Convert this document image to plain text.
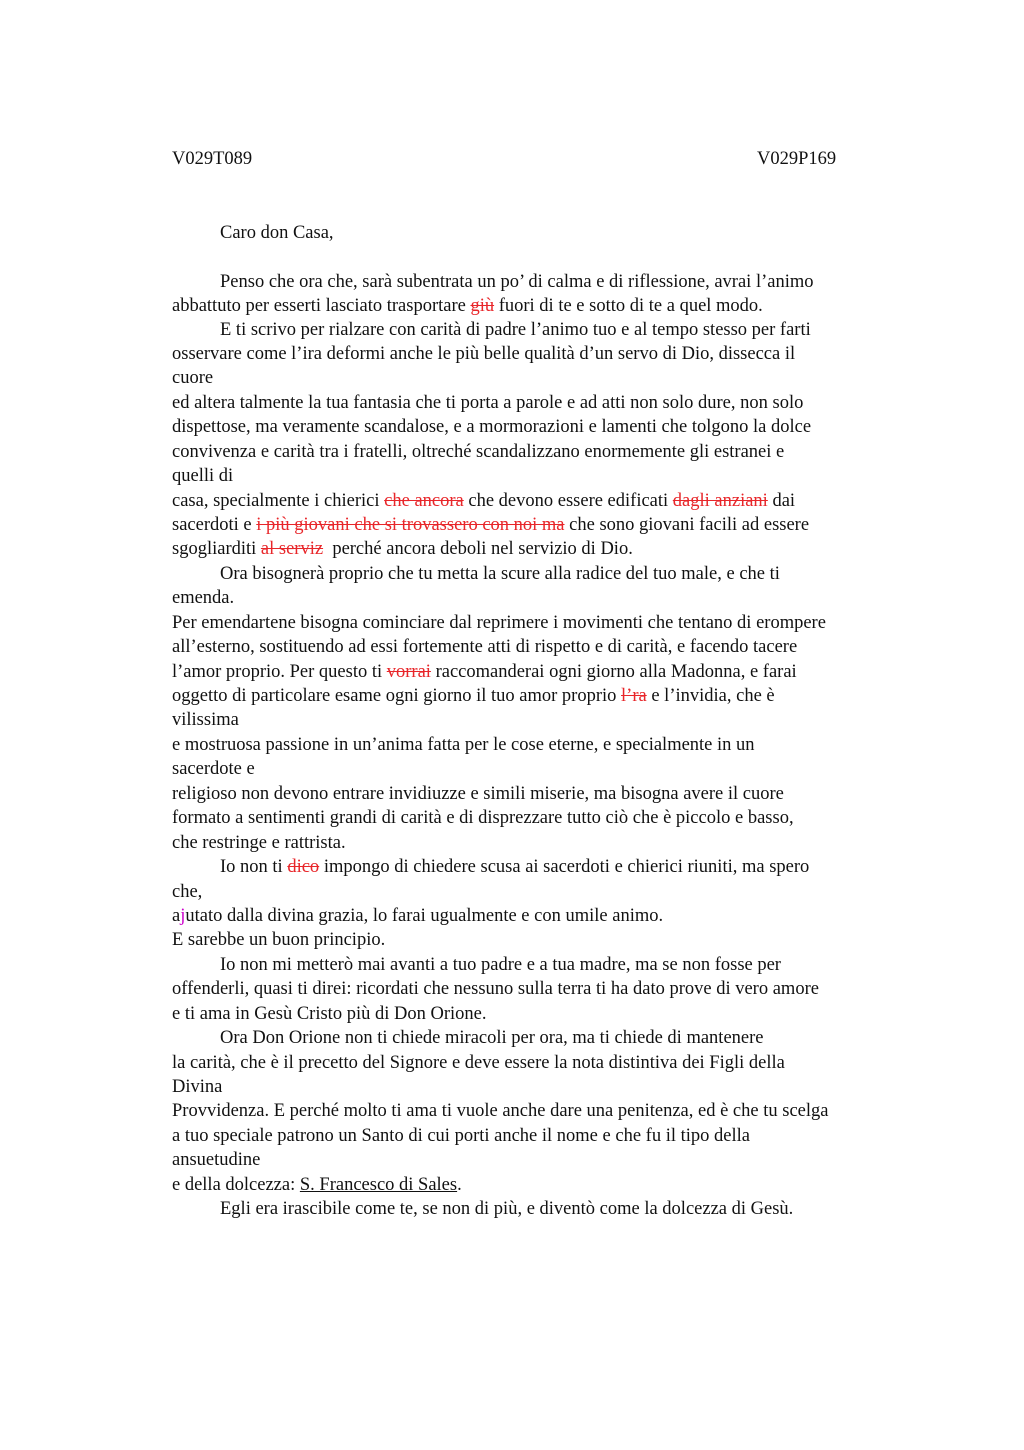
V029T089	V029P169
Caro don Casa,
Penso che ora che, sarà subentrata un po’ di calma e di riflessione, avrai l’animo
abbattuto per esserti lasciato trasportare giù fuori di te e sotto di te a quel modo.
E ti scrivo per rialzare con carità di padre l’animo tuo e al tempo stesso per farti
osservare come l’ira deformi anche le più belle qualità d’un servo di Dio, dissecca il
cuore
ed altera talmente la tua fantasia che ti porta a parole e ad atti non solo dure, non solo
dispettose, ma veramente scandalose, e a mormorazioni e lamenti che tolgono la dolce
convivenza e carità tra i fratelli, oltreché scandalizzano enormemente gli estranei e
quelli di
casa, specialmente i chierici che ancora che devono essere edificati dagli anziani dai
sacerdoti e i più giovani che si trovassero con noi ma che sono giovani facili ad essere
sgogliarditi al serviz  perché ancora deboli nel servizio di Dio.
Ora bisognerà proprio che tu metta la scure alla radice del tuo male, e che ti
emenda.
Per emendartene bisogna cominciare dal reprimere i movimenti che tentano di erompere
all’esterno, sostituendo ad essi fortemente atti di rispetto e di carità, e facendo tacere
l’amor proprio. Per questo ti vorrai raccomanderai ogni giorno alla Madonna, e farai
oggetto di particolare esame ogni giorno il tuo amor proprio l’ra e l’invidia, che è
vilissima
e mostruosa passione in un’anima fatta per le cose eterne, e specialmente in un
sacerdote e
religioso non devono entrare invidiuzze e simili miserie, ma bisogna avere il cuore
formato a sentimenti grandi di carità e di disprezzare tutto ciò che è piccolo e basso,
che restringe e rattrista.
Io non ti dico impongo di chiedere scusa ai sacerdoti e chierici riuniti, ma spero
che,
ajutato dalla divina grazia, lo farai ugualmente e con umile animo.
E sarebbe un buon principio.
Io non mi metterò mai avanti a tuo padre e a tua madre, ma se non fosse per
offenderli, quasi ti direi: ricordati che nessuno sulla terra ti ha dato prove di vero amore
e ti ama in Gesù Cristo più di Don Orione.
Ora Don Orione non ti chiede miracoli per ora, ma ti chiede di mantenere
la carità, che è il precetto del Signore e deve essere la nota distintiva dei Figli della
Divina
Provvidenza. E perché molto ti ama ti vuole anche dare una penitenza, ed è che tu scelga
a tuo speciale patrono un Santo di cui porti anche il nome e che fu il tipo della
ansuetudine
e della dolcezza: S. Francesco di Sales.
Egli era irascibile come te, se non di più, e diventò come la dolcezza di Gesù.
